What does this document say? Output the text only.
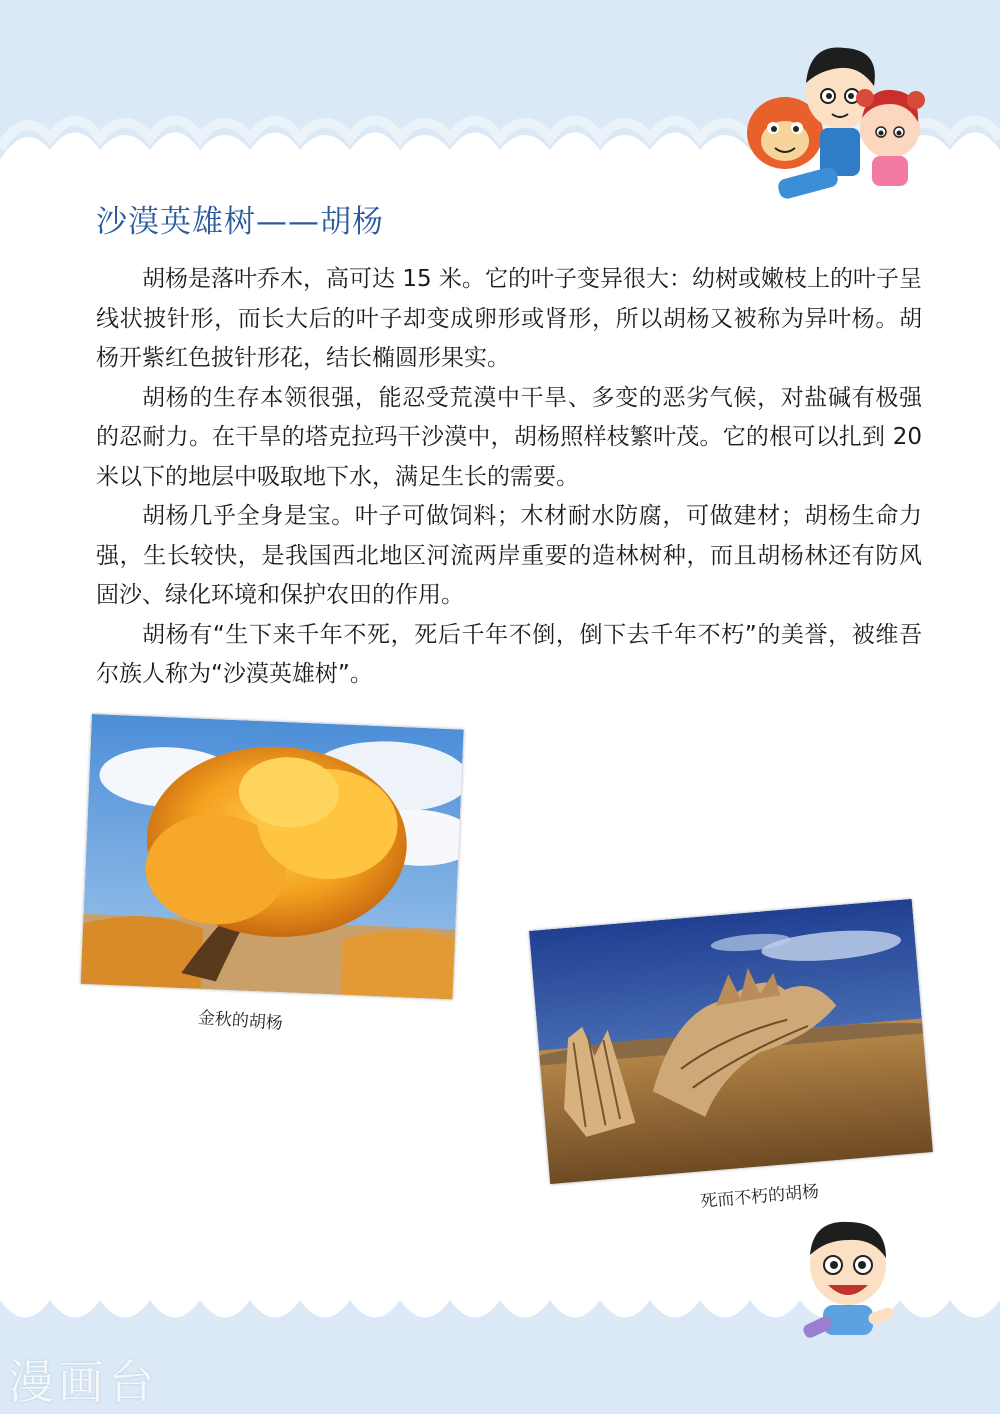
沙漠英雄树——胡杨

胡杨是落叶乔木，高可达 15 米。它的叶子变异很大：幼树或嫩枝上的叶子呈线状披针形，而长大后的叶子却变成卵形或肾形，所以胡杨又被称为异叶杨。胡杨开紫红色披针形花，结长椭圆形果实。

胡杨的生存本领很强，能忍受荒漠中干旱、多变的恶劣气候，对盐碱有极强的忍耐力。在干旱的塔克拉玛干沙漠中，胡杨照样枝繁叶茂。它的根可以扎到 20 米以下的地层中吸取地下水，满足生长的需要。

胡杨几乎全身是宝。叶子可做饲料；木材耐水防腐，可做建材；胡杨生命力强，生长较快，是我国西北地区河流两岸重要的造林树种，而且胡杨林还有防风固沙、绿化环境和保护农田的作用。

胡杨有“生下来千年不死，死后千年不倒，倒下去千年不朽”的美誉，被维吾尔族人称为“沙漠英雄树”。

金秋的胡杨
死而不朽的胡杨
漫画台
